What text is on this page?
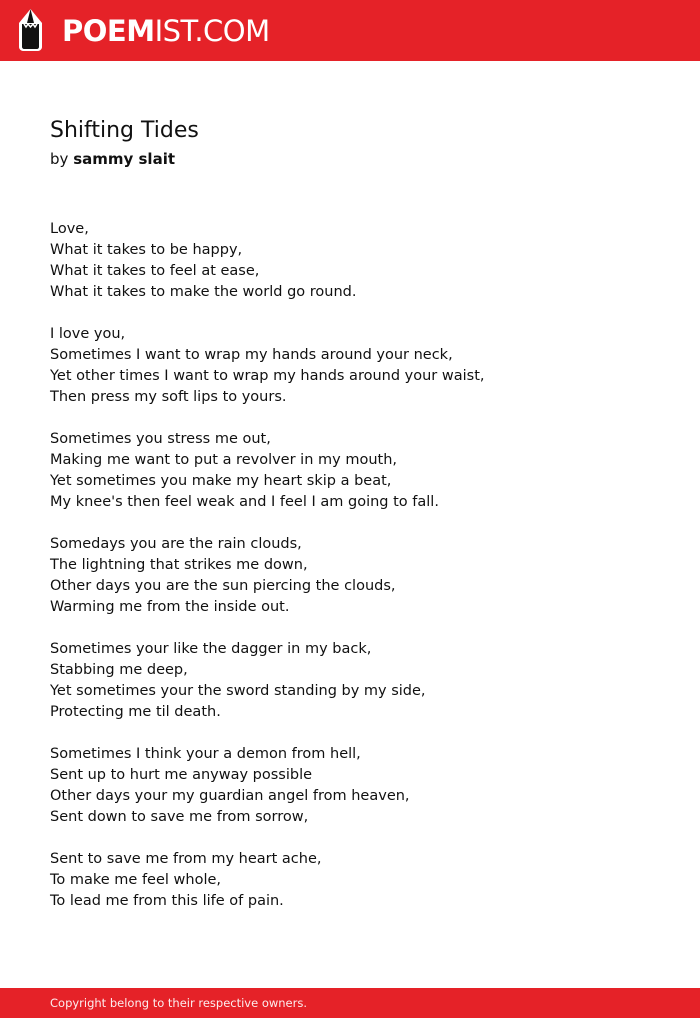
POEMIST.COM
Shifting Tides

by sammy slait

Love,
What it takes to be happy,
What it takes to feel at ease,
What it takes to make the world go round.

I love you,
Sometimes I want to wrap my hands around your neck,
Yet other times I want to wrap my hands around your waist,
Then press my soft lips to yours.

Sometimes you stress me out,
Making me want to put a revolver in my mouth,
Yet sometimes you make my heart skip a beat,
My knee's then feel weak and I feel I am going to fall.

Somedays you are the rain clouds,
The lightning that strikes me down,
Other days you are the sun piercing the clouds,
Warming me from the inside out.

Sometimes your like the dagger in my back,
Stabbing me deep,
Yet sometimes your the sword standing by my side,
Protecting me til death.

Sometimes I think your a demon from hell,
Sent up to hurt me anyway possible
Other days your my guardian angel from heaven,
Sent down to save me from sorrow,

Sent to save me from my heart ache,
To make me feel whole,
To lead me from this life of pain.

Copyright belong to their respective owners.
